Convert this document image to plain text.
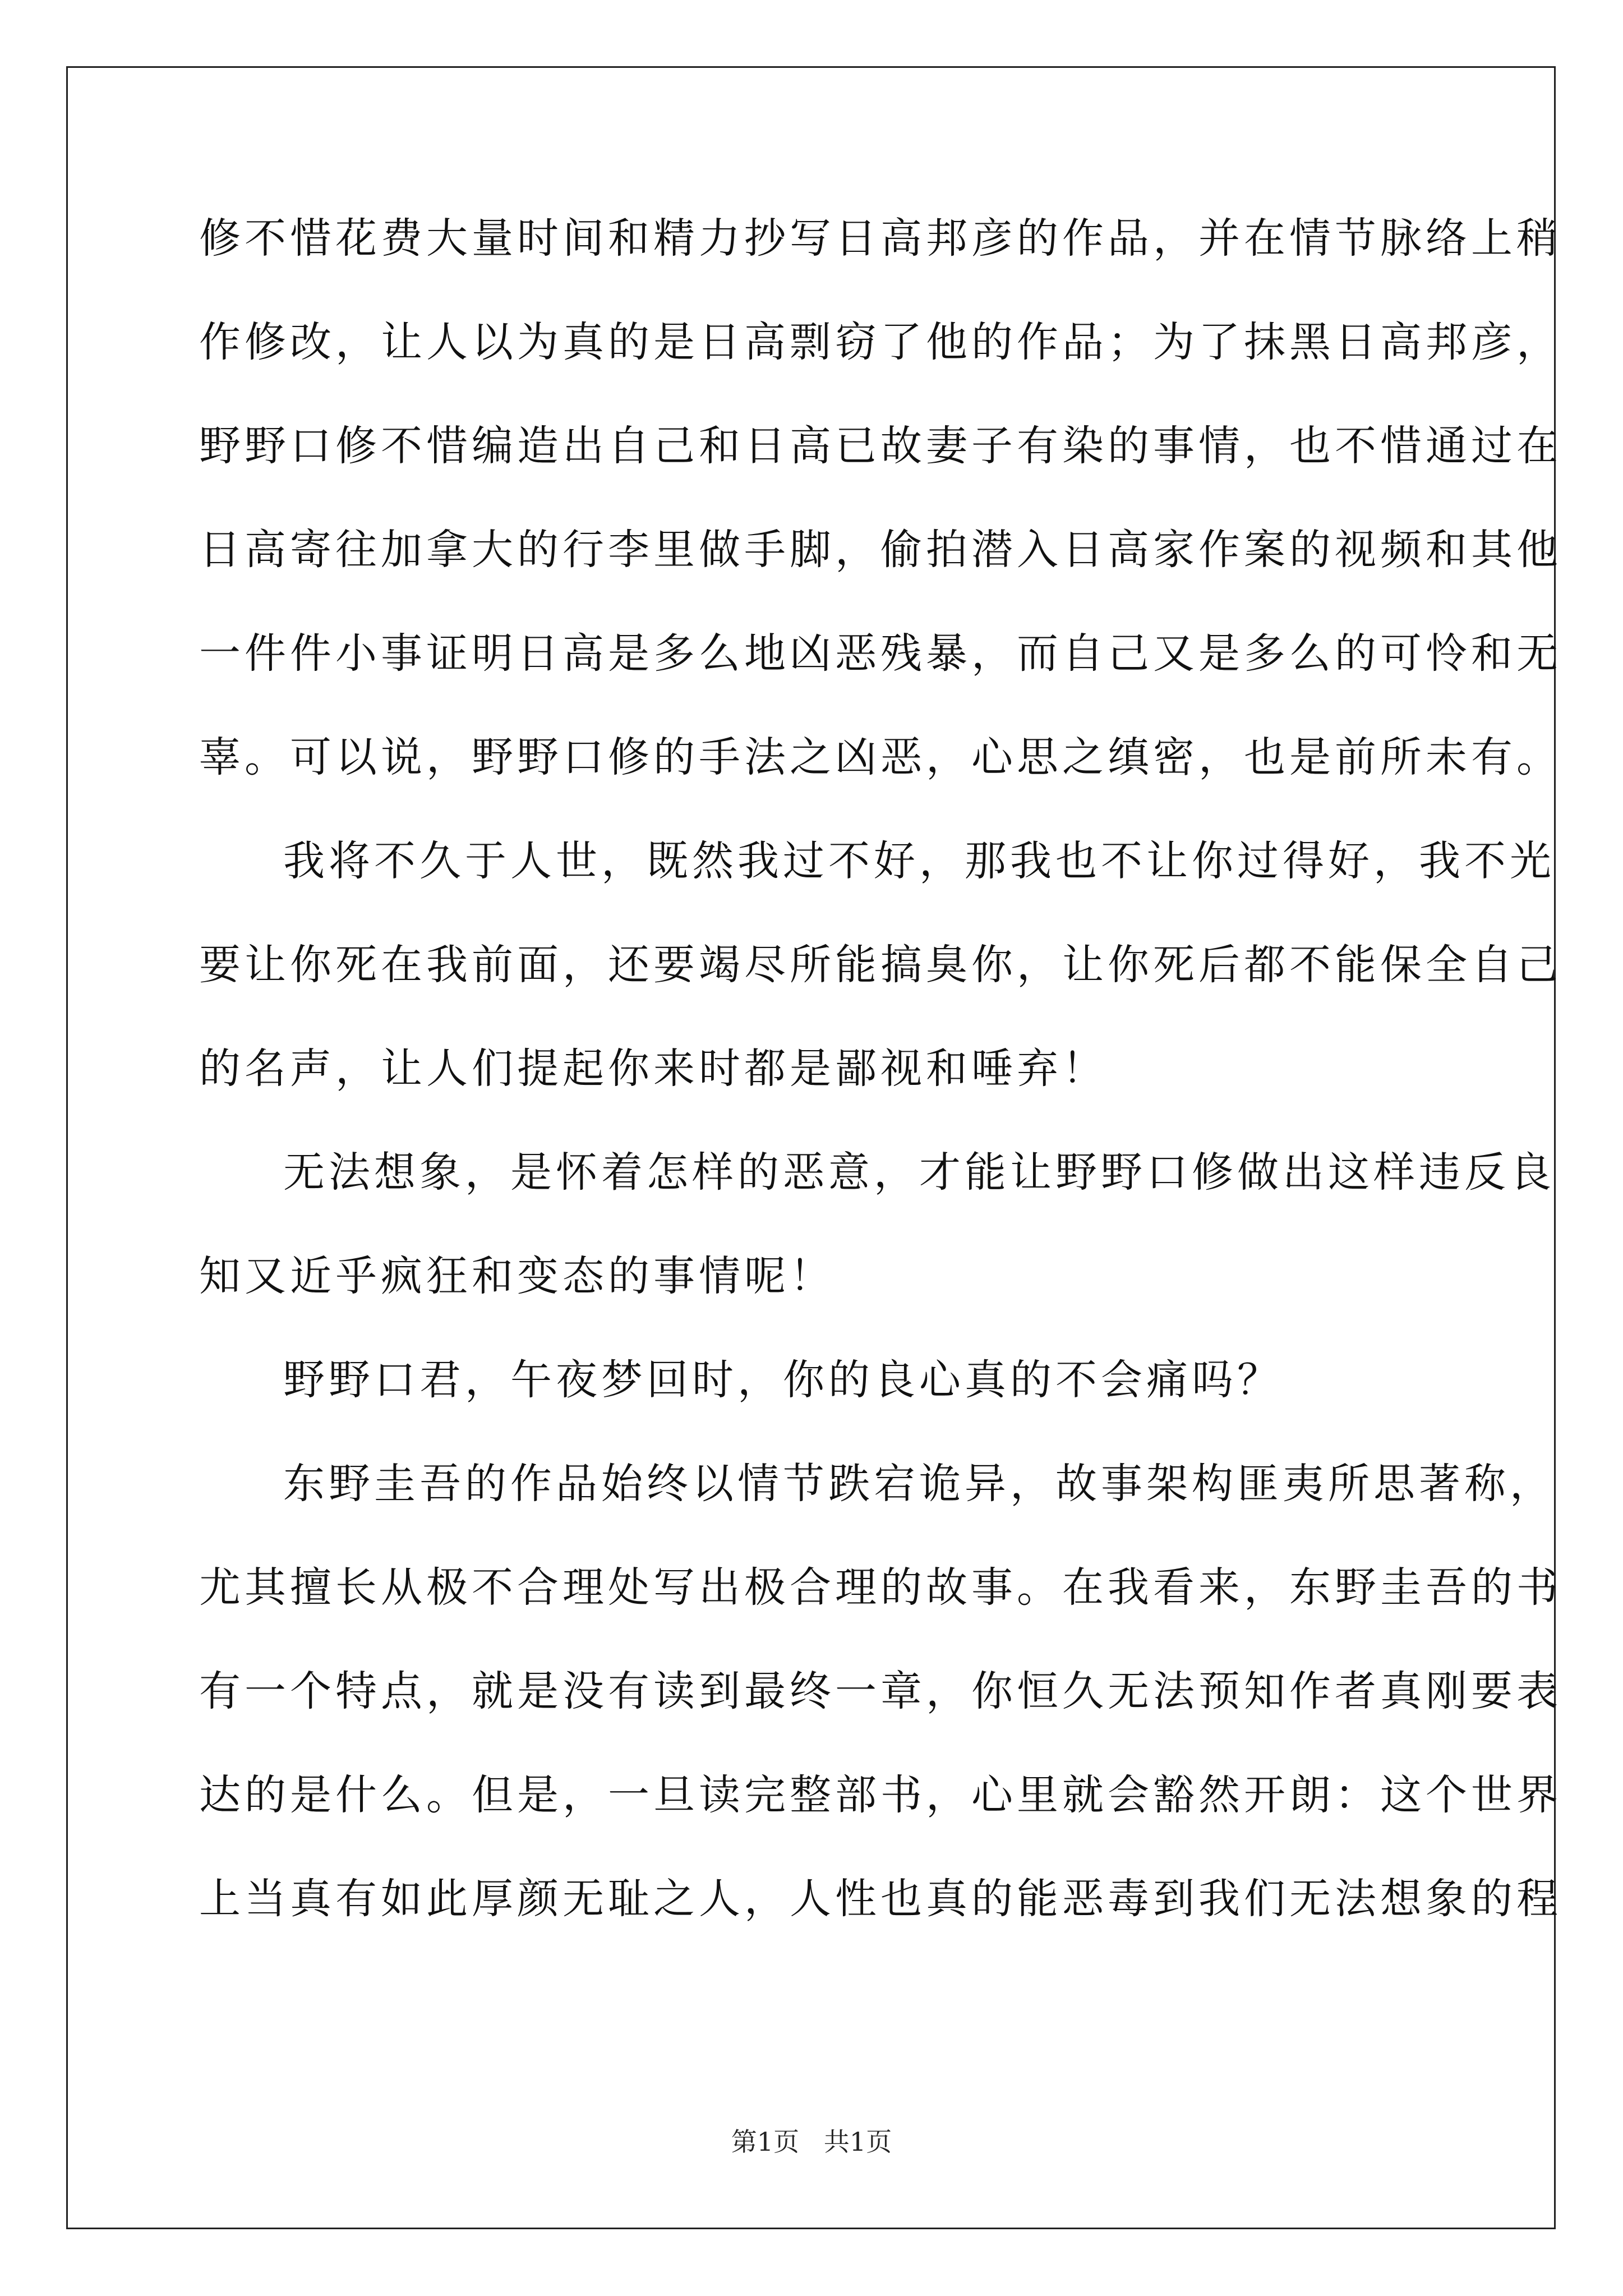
修不惜花费大量时间和精力抄写日高邦彦的作品，并在情节脉络上稍
作修改，让人以为真的是日高剽窃了他的作品；为了抹黑日高邦彦，
野野口修不惜编造出自己和日高已故妻子有染的事情，也不惜通过在
日高寄往加拿大的行李里做手脚，偷拍潜入日高家作案的视频和其他
一件件小事证明日高是多么地凶恶残暴，而自己又是多么的可怜和无
辜。可以说，野野口修的手法之凶恶，心思之缜密，也是前所未有。
我将不久于人世，既然我过不好，那我也不让你过得好，我不光
要让你死在我前面，还要竭尽所能搞臭你，让你死后都不能保全自己
的名声，让人们提起你来时都是鄙视和唾弃！
无法想象，是怀着怎样的恶意，才能让野野口修做出这样违反良
知又近乎疯狂和变态的事情呢！
野野口君，午夜梦回时，你的良心真的不会痛吗？
东野圭吾的作品始终以情节跌宕诡异，故事架构匪夷所思著称，
尤其擅长从极不合理处写出极合理的故事。在我看来，东野圭吾的书
有一个特点，就是没有读到最终一章，你恒久无法预知作者真刚要表
达的是什么。但是，一旦读完整部书，心里就会豁然开朗：这个世界
上当真有如此厚颜无耻之人，人性也真的能恶毒到我们无法想象的程
第1页   共1页
